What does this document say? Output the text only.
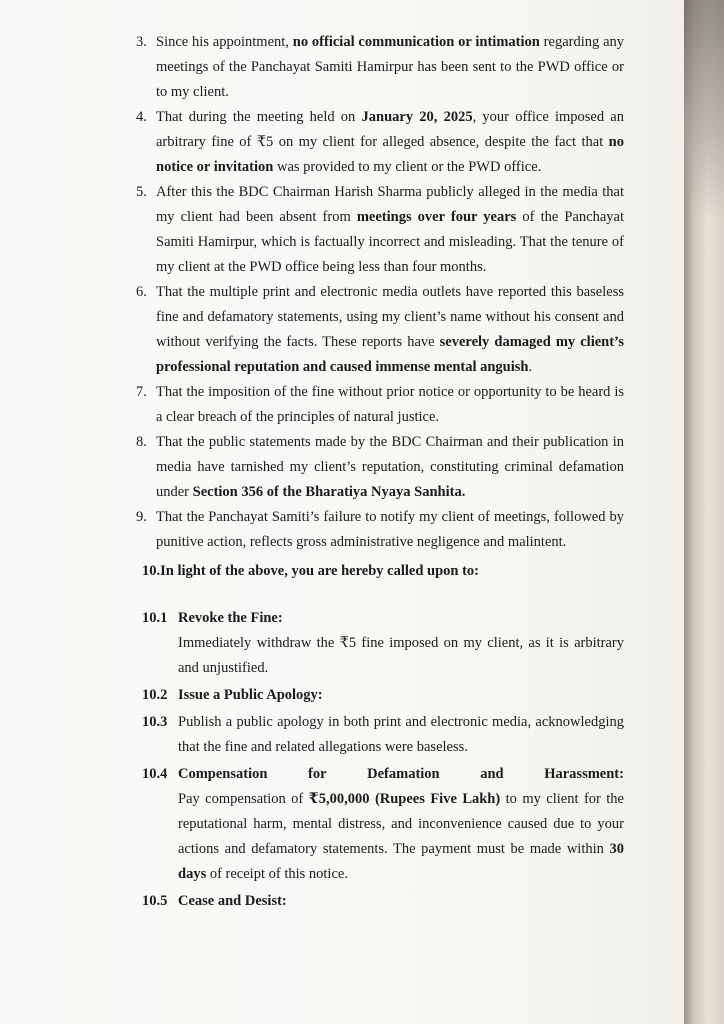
3. Since his appointment, no official communication or intimation regarding any meetings of the Panchayat Samiti Hamirpur has been sent to the PWD office or to my client.

4. That during the meeting held on January 20, 2025, your office imposed an arbitrary fine of ₹5 on my client for alleged absence, despite the fact that no notice or invitation was provided to my client or the PWD office.

5. After this the BDC Chairman Harish Sharma publicly alleged in the media that my client had been absent from meetings over four years of the Panchayat Samiti Hamirpur, which is factually incorrect and misleading. That the tenure of my client at the PWD office being less than four months.

6. That the multiple print and electronic media outlets have reported this baseless fine and defamatory statements, using my client’s name without his consent and without verifying the facts. These reports have severely damaged my client’s professional reputation and caused immense mental anguish.

7. That the imposition of the fine without prior notice or opportunity to be heard is a clear breach of the principles of natural justice.

8. That the public statements made by the BDC Chairman and their publication in media have tarnished my client’s reputation, constituting criminal defamation under Section 356 of the Bharatiya Nyaya Sanhita.

9. That the Panchayat Samiti’s failure to notify my client of meetings, followed by punitive action, reflects gross administrative negligence and malintent.

10.In light of the above, you are hereby called upon to:
10.1 Revoke the Fine:

Immediately withdraw the ₹5 fine imposed on my client, as it is arbitrary and unjustified.

10.2 Issue a Public Apology:
10.3 Publish a public apology in both print and electronic media, acknowledging that the fine and related allegations were baseless.

10.4 Compensation	for	Defamation	and	Harassment:

Pay compensation of ₹5,00,000 (Rupees Five Lakh) to my client for the reputational harm, mental distress, and inconvenience caused due to your actions and defamatory statements. The payment must be made within 30 days of receipt of this notice.

10.5 Cease and Desist:
